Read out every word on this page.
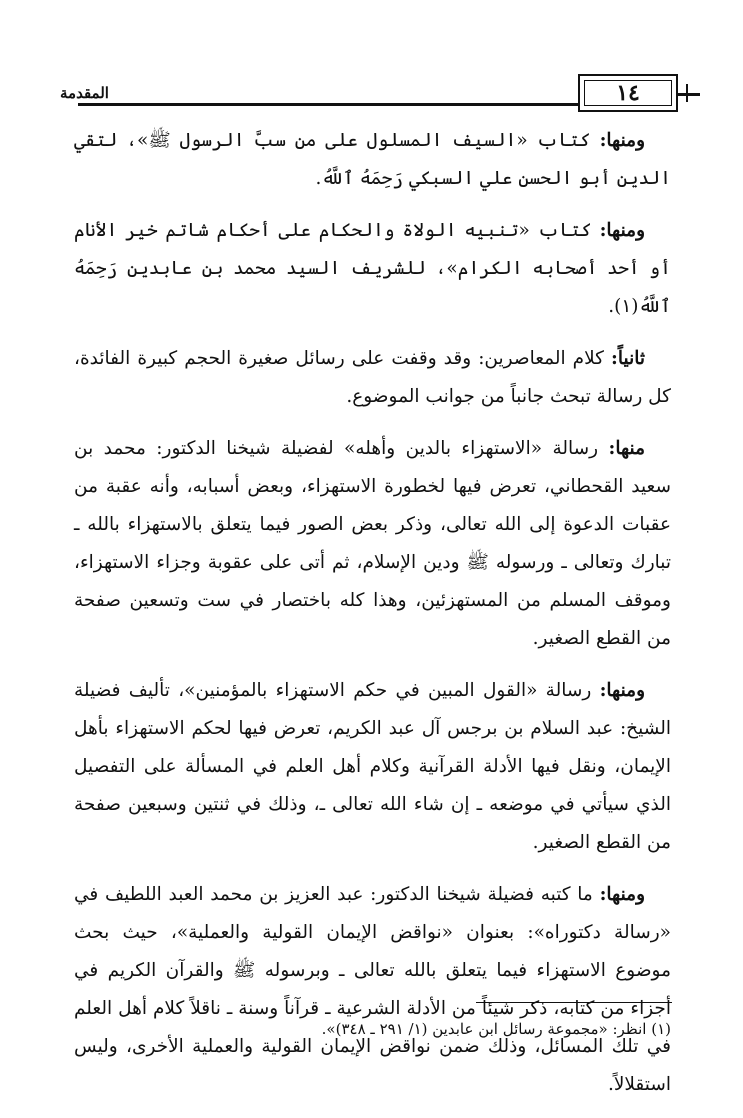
المقدمة	١٤

ومنها: كتاب «السيف المسلول على من سبَّ الرسول ﷺ»، لتقي الدين أبو الحسن علي السبكي رَحِمَهُ ٱللَّهُ.

ومنها: كتاب «تنبيه الولاة والحكام على أحكام شاتم خير الأنام أو أحد أصحابه الكرام»، للشريف السيد محمد بن عابدين رَحِمَهُ ٱللَّهُ(١).

ثانياً: كلام المعاصرين: وقد وقفت على رسائل صغيرة الحجم كبيرة الفائدة، كل رسالة تبحث جانباً من جوانب الموضوع.

منها: رسالة «الاستهزاء بالدين وأهله» لفضيلة شيخنا الدكتور: محمد بن سعيد القحطاني، تعرض فيها لخطورة الاستهزاء، وبعض أسبابه، وأنه عقبة من عقبات الدعوة إلى الله تعالى، وذكر بعض الصور فيما يتعلق بالاستهزاء بالله ـ تبارك وتعالى ـ ورسوله ﷺ ودين الإسلام، ثم أتى على عقوبة وجزاء الاستهزاء، وموقف المسلم من المستهزئين، وهذا كله باختصار في ست وتسعين صفحة من القطع الصغير.

ومنها: رسالة «القول المبين في حكم الاستهزاء بالمؤمنين»، تأليف فضيلة الشيخ: عبد السلام بن برجس آل عبد الكريم، تعرض فيها لحكم الاستهزاء بأهل الإيمان، ونقل فيها الأدلة القرآنية وكلام أهل العلم في المسألة على التفصيل الذي سيأتي في موضعه ـ إن شاء الله تعالى ـ، وذلك في ثنتين وسبعين صفحة من القطع الصغير.

ومنها: ما كتبه فضيلة شيخنا الدكتور: عبد العزيز بن محمد العبد اللطيف في «رسالة دكتوراه»: بعنوان «نواقض الإيمان القولية والعملية»، حيث بحث موضوع الاستهزاء فيما يتعلق بالله تعالى ـ وبرسوله ﷺ والقرآن الكريم في أجزاء من كتابه، ذكر شيئاً من الأدلة الشرعية ـ قرآناً وسنة ـ ناقلاً كلام أهل العلم في تلك المسائل، وذلك ضمن نواقض الإيمان القولية والعملية الأخرى، وليس استقلالاً.

(١) انظر: «مجموعة رسائل ابن عابدين (١/ ٢٩١ ـ ٣٤٨)».
